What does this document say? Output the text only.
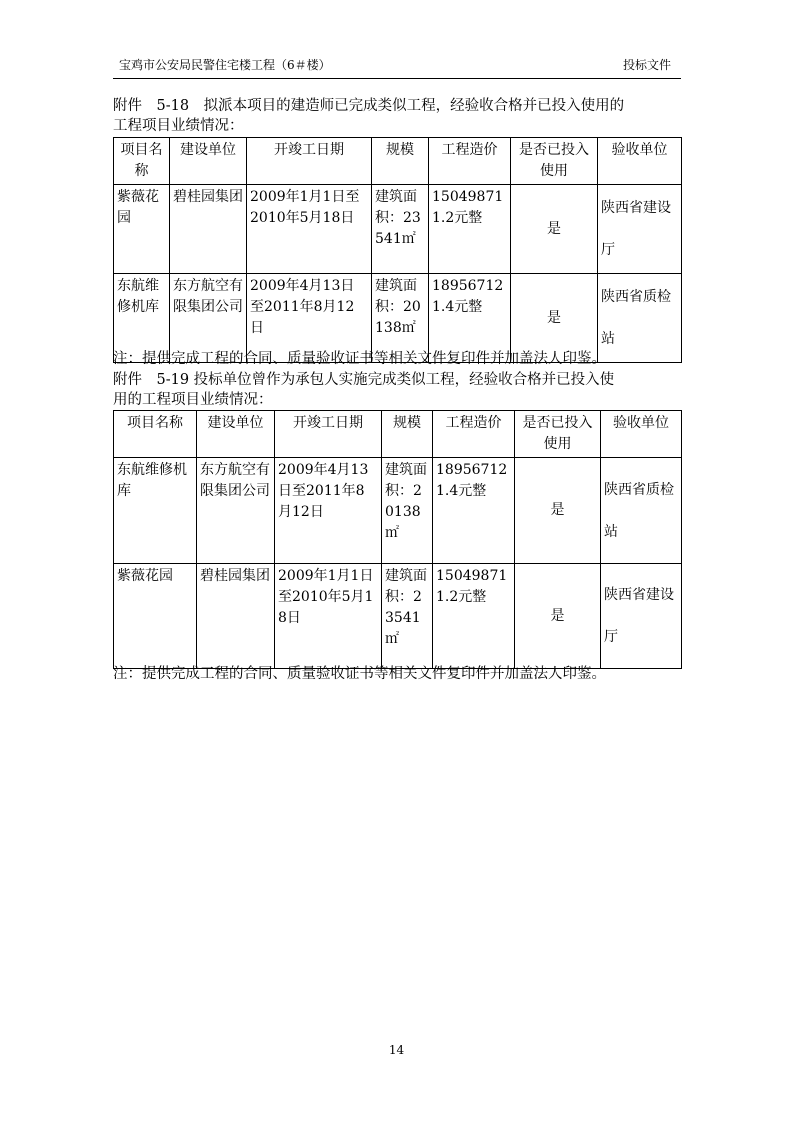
宝鸡市公安局民警住宅楼工程（6＃楼）	投标文件
附件　5-18　拟派本项目的建造师已完成类似工程，经验收合格并已投入使用的
工程项目业绩情况：
项目名称	建设单位	开竣工日期	规模	工程造价	是否已投入使用	验收单位
紫薇花园	碧桂园集团	2009年1月1日至2010年5月18日	建筑面积：23541㎡	150498711.2元整	是	陕西省建设厅
东航维修机库	东方航空有限集团公司	2009年4月13日至2011年8月12日	建筑面积：20138㎡	189567121.4元整	是	陕西省质检站
注：提供完成工程的合同、质量验收证书等相关文件复印件并加盖法人印鉴。
附件　5-19 投标单位曾作为承包人实施完成类似工程，经验收合格并已投入使
用的工程项目业绩情况：
项目名称	建设单位	开竣工日期	规模	工程造价	是否已投入使用	验收单位
东航维修机库	东方航空有限集团公司	2009年4月13日至2011年8月12日	建筑面积：20138㎡	189567121.4元整	是	陕西省质检站
紫薇花园	碧桂园集团	2009年1月1日至2010年5月18日	建筑面积：23541㎡	150498711.2元整	是	陕西省建设厅
注：提供完成工程的合同、质量验收证书等相关文件复印件并加盖法人印鉴。
14
